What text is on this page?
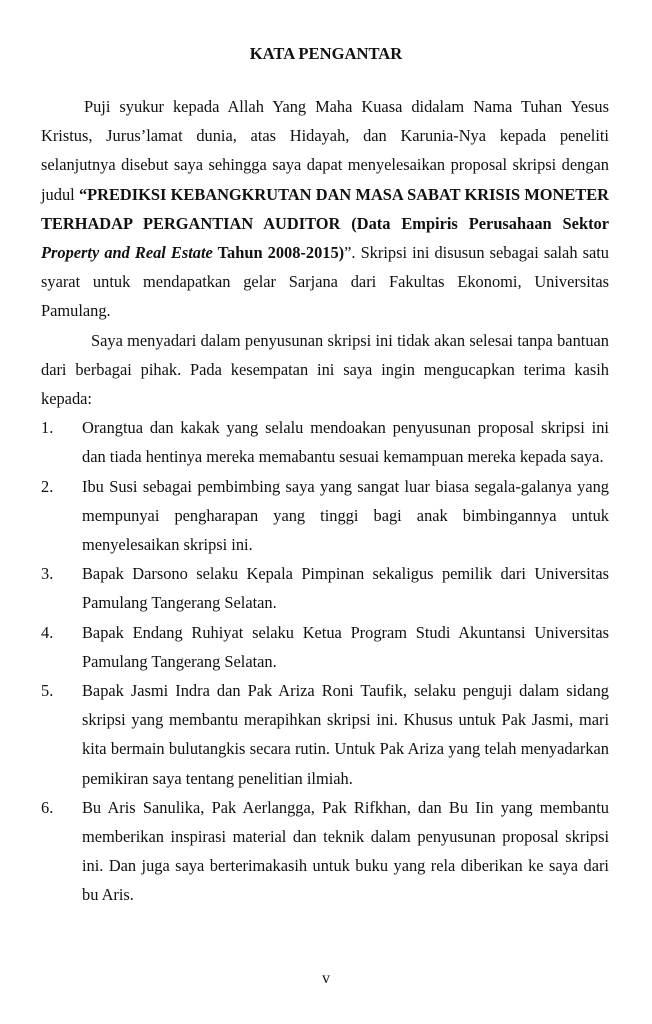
KATA PENGANTAR

Puji syukur kepada Allah Yang Maha Kuasa didalam Nama Tuhan Yesus Kristus, Jurus’lamat dunia, atas Hidayah, dan Karunia-Nya kepada peneliti selanjutnya disebut saya sehingga saya dapat menyelesaikan proposal skripsi dengan judul “PREDIKSI KEBANGKRUTAN DAN MASA SABAT KRISIS MONETER TERHADAP PERGANTIAN AUDITOR (Data Empiris Perusahaan Sektor Property and Real Estate Tahun 2008-2015)”. Skripsi ini disusun sebagai salah satu syarat untuk mendapatkan gelar Sarjana dari Fakultas Ekonomi, Universitas Pamulang.

Saya menyadari dalam penyusunan skripsi ini tidak akan selesai tanpa bantuan dari berbagai pihak. Pada kesempatan ini saya ingin mengucapkan terima kasih kepada:

1. Orangtua dan kakak yang selalu mendoakan penyusunan proposal skripsi ini dan tiada hentinya mereka memabantu sesuai kemampuan mereka kepada saya.
2. Ibu Susi sebagai pembimbing saya yang sangat luar biasa segala-galanya yang mempunyai pengharapan yang tinggi bagi anak bimbingannya untuk menyelesaikan skripsi ini.
3. Bapak Darsono selaku Kepala Pimpinan sekaligus pemilik dari Universitas Pamulang Tangerang Selatan.
4. Bapak Endang Ruhiyat selaku Ketua Program Studi Akuntansi Universitas Pamulang Tangerang Selatan.
5. Bapak Jasmi Indra dan Pak Ariza Roni Taufik, selaku penguji dalam sidang skripsi yang membantu merapihkan skripsi ini. Khusus untuk Pak Jasmi, mari kita bermain bulutangkis secara rutin. Untuk Pak Ariza yang telah menyadarkan pemikiran saya tentang penelitian ilmiah.
6. Bu Aris Sanulika, Pak Aerlangga, Pak Rifkhan, dan Bu Iin yang membantu memberikan inspirasi material dan teknik dalam penyusunan proposal skripsi ini. Dan juga saya berterimakasih untuk buku yang rela diberikan ke saya dari bu Aris.
v
